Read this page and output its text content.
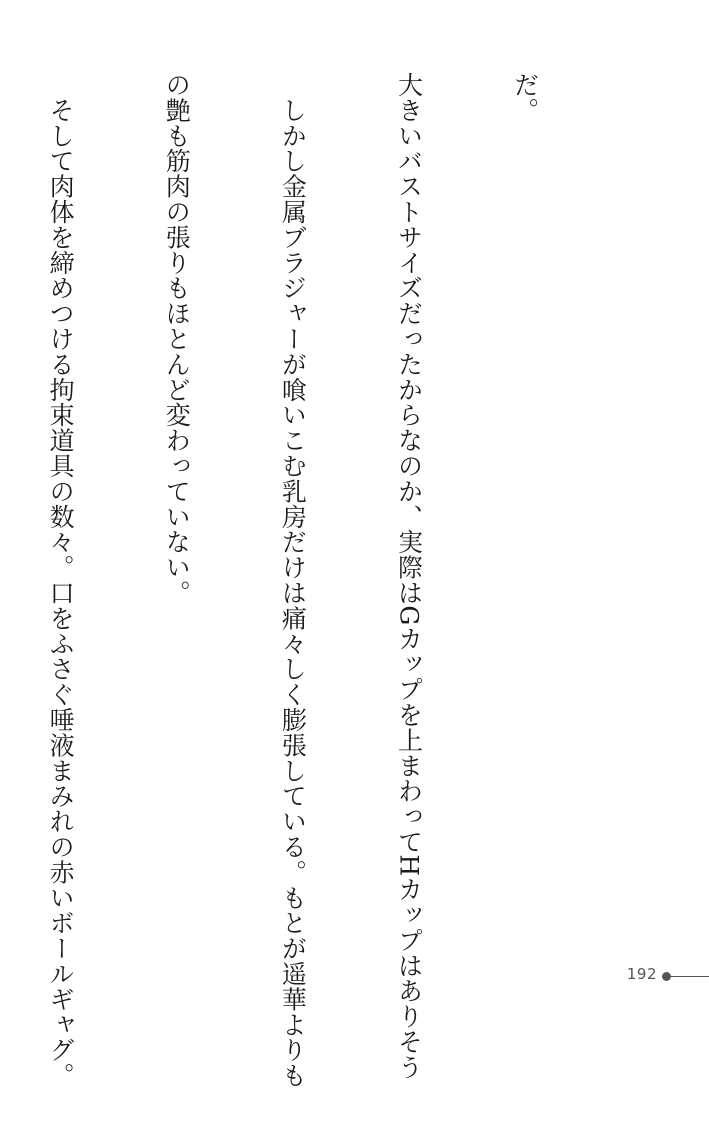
だ。

大きいバストサイズだったからなのか、実際はGカップを上まわってHカップはありそう

　しかし金属ブラジャーが喰いこむ乳房だけは痛々しく膨張している。もとが遥華よりも

の艶も筋肉の張りもほとんど変わっていない。

　そして肉体を締めつける拘束道具の数々。口をふさぐ唾液まみれの赤いボールギャグ。

	192
